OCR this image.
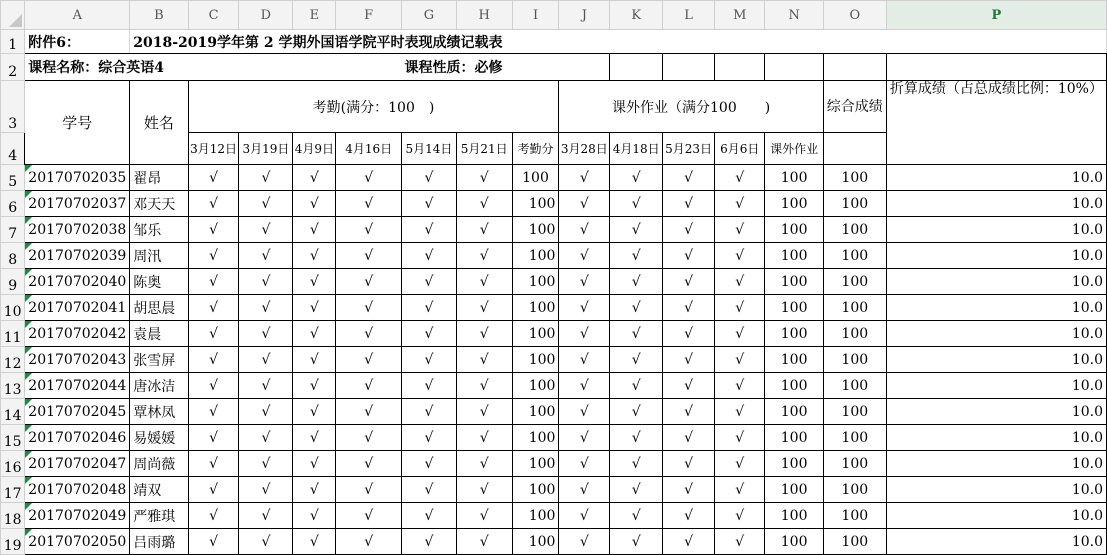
	A	B	C	D	E	F	G	H	I	J	K	L	M	N	O	P
1	附件6：	2018-2019学年第 2 学期外国语学院平时表现成绩记载表														
2	课程名称：综合英语4						课程性质：必修									
3	学号	姓名	考勤(满分：100　)							课外作业（满分100　　)					综合成绩	折算成绩（占总成绩比例：10%）
4			3月12日	3月19日	4月9日	4月16日	5月14日	5月21日	考勤分	3月28日	4月18日	5月23日	6月6日	课外作业		
5	20170702035	翟昂	√	√	√	√	√	√	100	√	√	√	√	100	100	10.0
6	20170702037	邓天天	√	√	√	√	√	√	100	√	√	√	√	100	100	10.0
7	20170702038	邹乐	√	√	√	√	√	√	100	√	√	√	√	100	100	10.0
8	20170702039	周汛	√	√	√	√	√	√	100	√	√	√	√	100	100	10.0
9	20170702040	陈奥	√	√	√	√	√	√	100	√	√	√	√	100	100	10.0
10	20170702041	胡思晨	√	√	√	√	√	√	100	√	√	√	√	100	100	10.0
11	20170702042	袁晨	√	√	√	√	√	√	100	√	√	√	√	100	100	10.0
12	20170702043	张雪屏	√	√	√	√	√	√	100	√	√	√	√	100	100	10.0
13	20170702044	唐冰洁	√	√	√	√	√	√	100	√	√	√	√	100	100	10.0
14	20170702045	覃林凤	√	√	√	√	√	√	100	√	√	√	√	100	100	10.0
15	20170702046	易媛媛	√	√	√	√	√	√	100	√	√	√	√	100	100	10.0
16	20170702047	周尚薇	√	√	√	√	√	√	100	√	√	√	√	100	100	10.0
17	20170702048	靖双	√	√	√	√	√	√	100	√	√	√	√	100	100	10.0
18	20170702049	严雅琪	√	√	√	√	√	√	100	√	√	√	√	100	100	10.0
19	20170702050	吕雨璐	√	√	√	√	√	√	100	√	√	√	√	100	100	10.0
